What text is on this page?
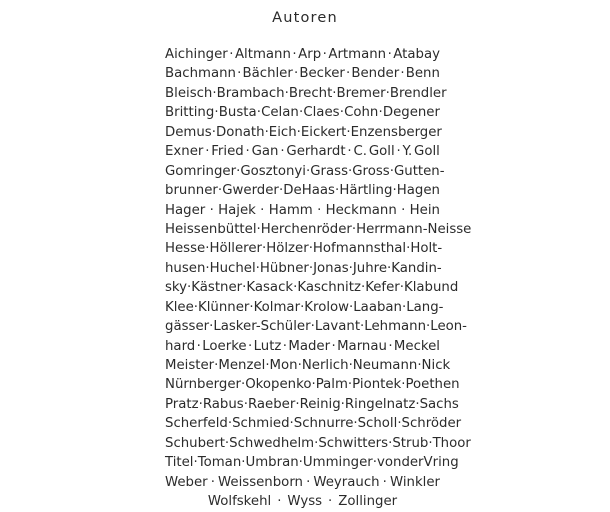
Autoren
Aichinger · Altmann · Arp · Artmann · Atabay
Bachmann · Bächler · Becker · Bender · Benn
Bleisch · Brambach · Brecht · Bremer · Brendler
Britting · Busta · Celan · Claes · Cohn · Degener
Demus · Donath · Eich · Eickert · Enzensberger
Exner · Fried · Gan · Gerhardt · C. Goll · Y. Goll
Gomringer · Gosztonyi · Grass · Gross · Gutten-
brunner · Gwerder · De Haas · Härtling · Hagen
Hager · Hajek · Hamm · Heckmann · Hein
Heissenbüttel · Herchenröder · Herrmann-Neisse
Hesse · Höllerer · Hölzer · Hofmannsthal · Holt-
husen · Huchel · Hübner · Jonas · Juhre · Kandin-
sky · Kästner · Kasack · Kaschnitz · Kefer · Klabund
Klee · Klünner · Kolmar · Krolow · Laaban · Lang-
gässer · Lasker-Schüler · Lavant · Lehmann · Leon-
hard · Loerke · Lutz · Mader · Marnau · Meckel
Meister · Menzel · Mon · Nerlich · Neumann · Nick
Nürnberger · Okopenko · Palm · Piontek · Poethen
Pratz · Rabus · Raeber · Reinig · Ringelnatz · Sachs
Scherfeld · Schmied · Schnurre · Scholl · Schröder
Schubert · Schwedhelm · Schwitters · Strub · Thoor
Titel · Toman · Umbran · Umminger · von der Vring
Weber · Weissenborn · Weyrauch · Winkler
Wolfskehl · Wyss · Zollinger
